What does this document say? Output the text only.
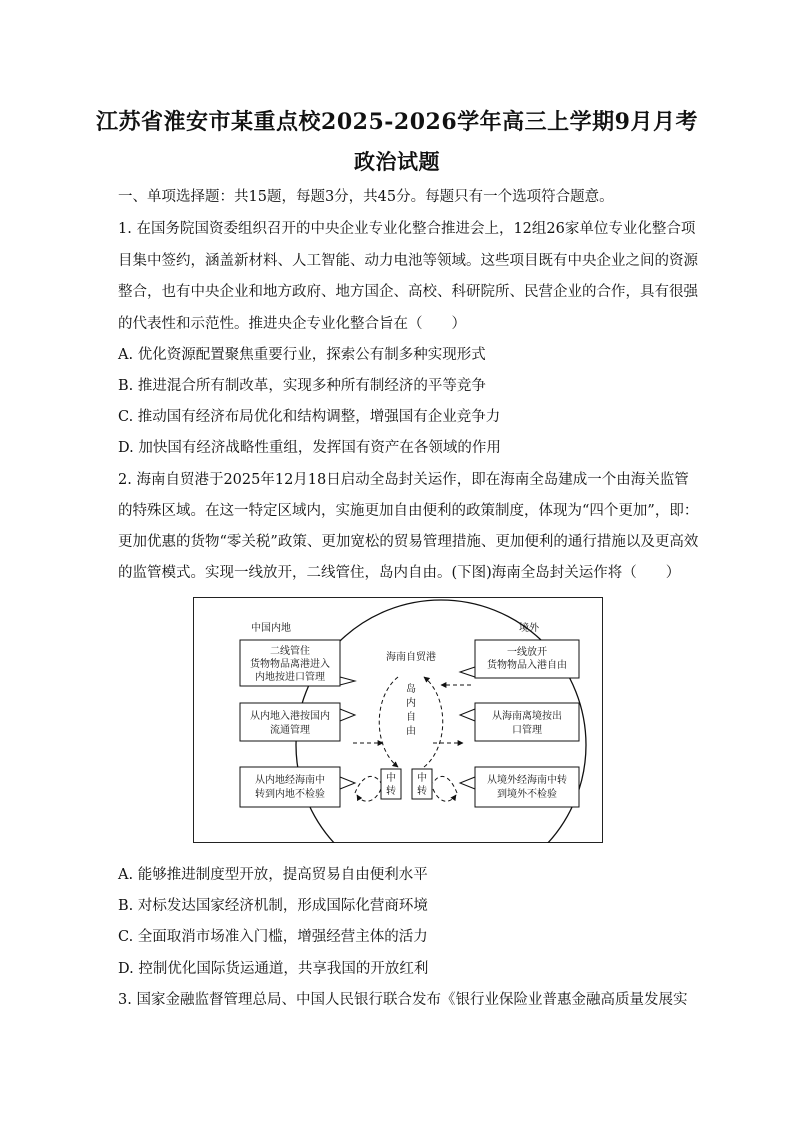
江苏省淮安市某重点校2025-2026学年高三上学期9月月考
政治试题
一、单项选择题：共15题，每题3分，共45分。每题只有一个选项符合题意。
1. 在国务院国资委组织召开的中央企业专业化整合推进会上，12组26家单位专业化整合项
目集中签约，涵盖新材料、人工智能、动力电池等领域。这些项目既有中央企业之间的资源
整合，也有中央企业和地方政府、地方国企、高校、科研院所、民营企业的合作，具有很强
的代表性和示范性。推进央企专业化整合旨在（　　）
A. 优化资源配置聚焦重要行业，探索公有制多种实现形式
B. 推进混合所有制改革，实现多种所有制经济的平等竞争
C. 推动国有经济布局优化和结构调整，增强国有企业竞争力
D. 加快国有经济战略性重组，发挥国有资产在各领域的作用
2. 海南自贸港于2025年12月18日启动全岛封关运作，即在海南全岛建成一个由海关监管
的特殊区域。在这一特定区域内，实施更加自由便利的政策制度，体现为“四个更加”，即：
更加优惠的货物“零关税”政策、更加宽松的贸易管理措施、更加便利的通行措施以及更高效
的监管模式。实现一线放开，二线管住，岛内自由。(下图)海南全岛封关运作将（　　）
中国内地	境外
海南自贸港
岛
内
自
由
二线管住
货物物品离港进入
内地按进口管理
从内地入港按国内
流通管理
从内地经海南中
转到内地不检验
一线放开
货物物品入港自由
从海南离境按出
口管理
从境外经海南中转
到境外不检验
中
转
中
转
A. 能够推进制度型开放，提高贸易自由便利水平
B. 对标发达国家经济机制，形成国际化营商环境
C. 全面取消市场准入门槛，增强经营主体的活力
D. 控制优化国际货运通道，共享我国的开放红利
3. 国家金融监督管理总局、中国人民银行联合发布《银行业保险业普惠金融高质量发展实
